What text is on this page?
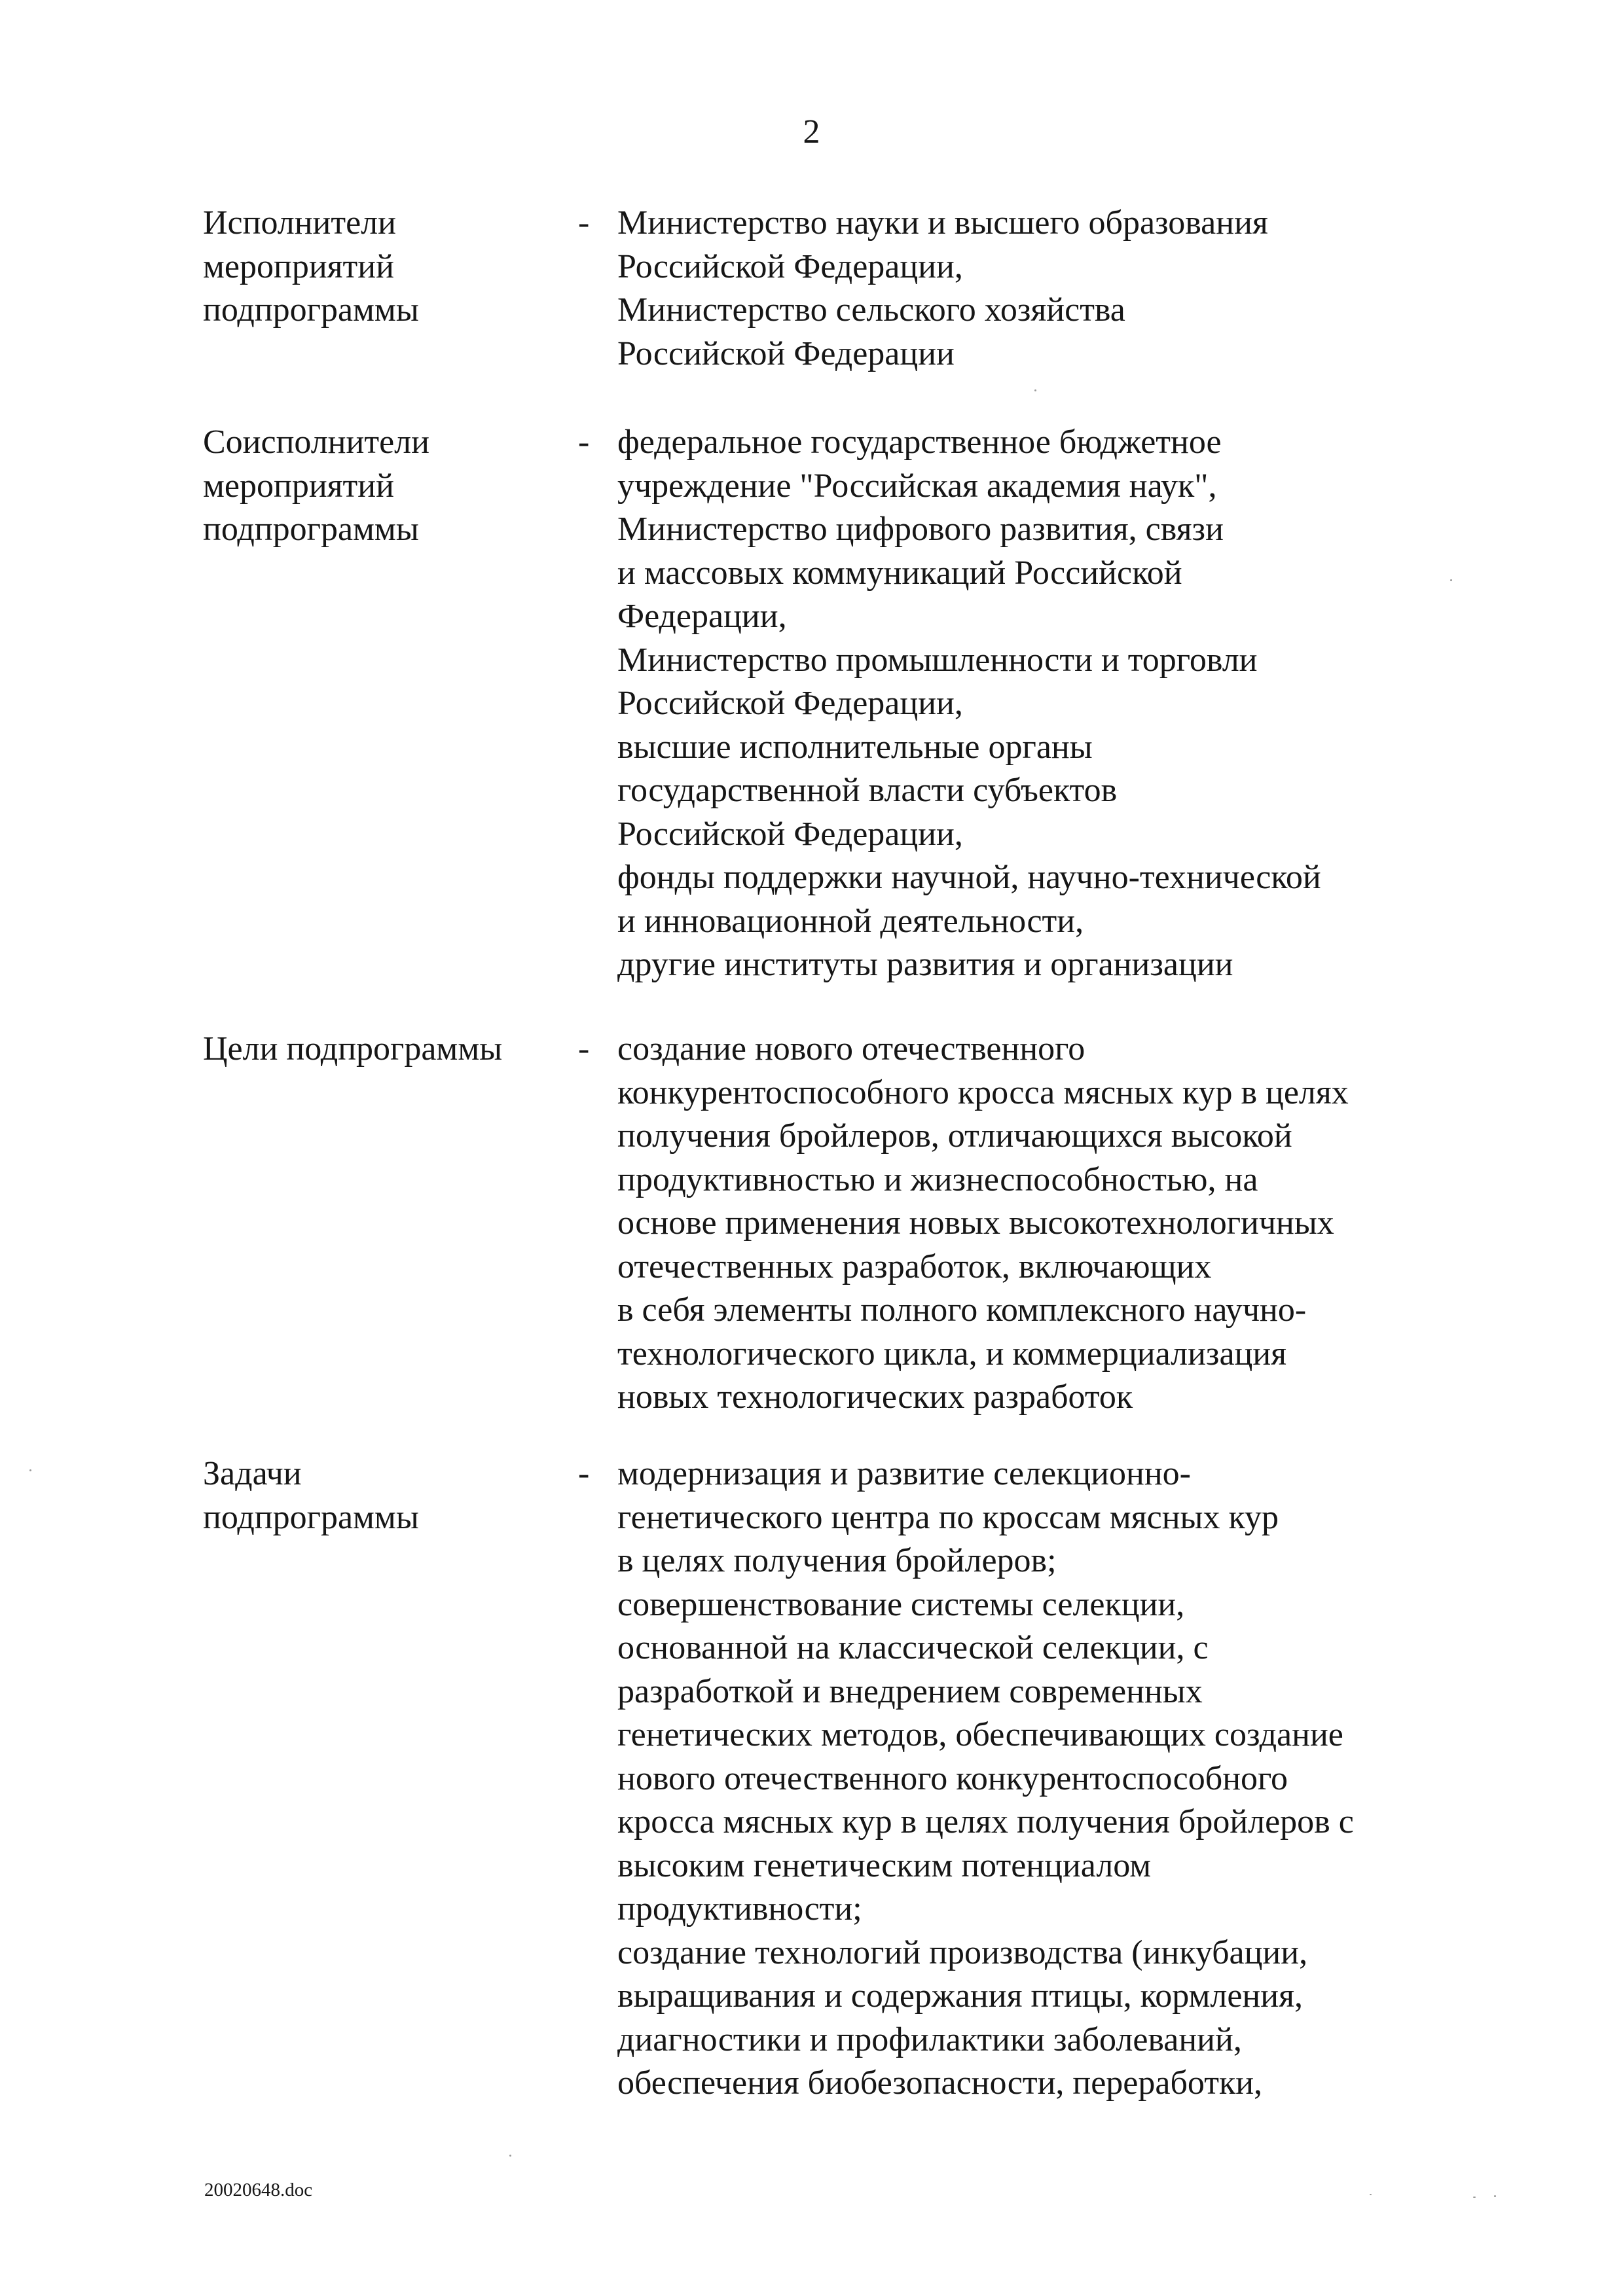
2
Исполнители
мероприятий
подпрограммы
- Министерство науки и высшего образования
Российской Федерации,
Министерство сельского хозяйства
Российской Федерации
Соисполнители
мероприятий
подпрограммы
- федеральное государственное бюджетное
учреждение "Российская академия наук",
Министерство цифрового развития, связи
и массовых коммуникаций Российской
Федерации,
Министерство промышленности и торговли
Российской Федерации,
высшие исполнительные органы
государственной власти субъектов
Российской Федерации,
фонды поддержки научной, научно-технической
и инновационной деятельности,
другие институты развития и организации
Цели подпрограммы	- создание нового отечественного
конкурентоспособного кросса мясных кур в целях
получения бройлеров, отличающихся высокой
продуктивностью и жизнеспособностью, на
основе применения новых высокотехнологичных
отечественных разработок, включающих
в себя элементы полного комплексного научно-
технологического цикла, и коммерциализация
новых технологических разработок
Задачи
подпрограммы
- модернизация и развитие селекционно-
генетического центра по кроссам мясных кур
в целях получения бройлеров;
совершенствование системы селекции,
основанной на классической селекции, с
разработкой и внедрением современных
генетических методов, обеспечивающих создание
нового отечественного конкурентоспособного
кросса мясных кур в целях получения бройлеров с
высоким генетическим потенциалом
продуктивности;
создание технологий производства (инкубации,
выращивания и содержания птицы, кормления,
диагностики и профилактики заболеваний,
обеспечения биобезопасности, переработки,
20020648.doc
